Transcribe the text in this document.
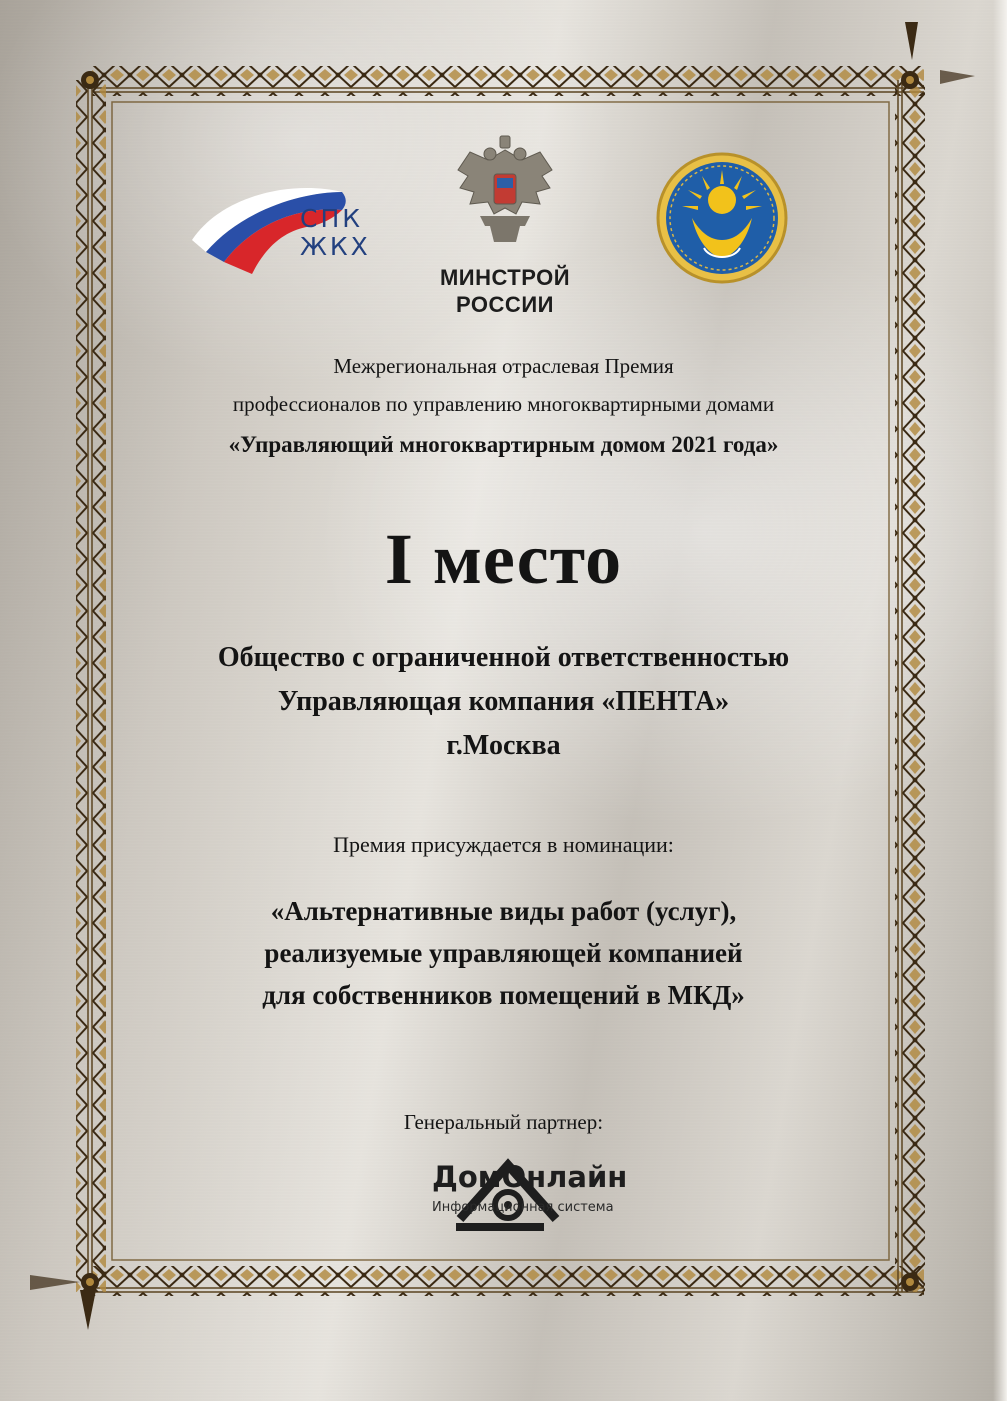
СПК
ЖКХ
МИНСТРОЙ
РОССИИ
Межрегиональная отраслевая Премия
профессионалов по управлению многоквартирными домами
«Управляющий многоквартирным домом 2021 года»
I место
Общество с ограниченной ответственностью
Управляющая компания «ПЕНТА»
г.Москва
Премия присуждается в номинации:
«Альтернативные виды работ (услуг),
реализуемые управляющей компанией
для собственников помещений в МКД»
Генеральный партнер:
ДомОнлайн
Информационная система
